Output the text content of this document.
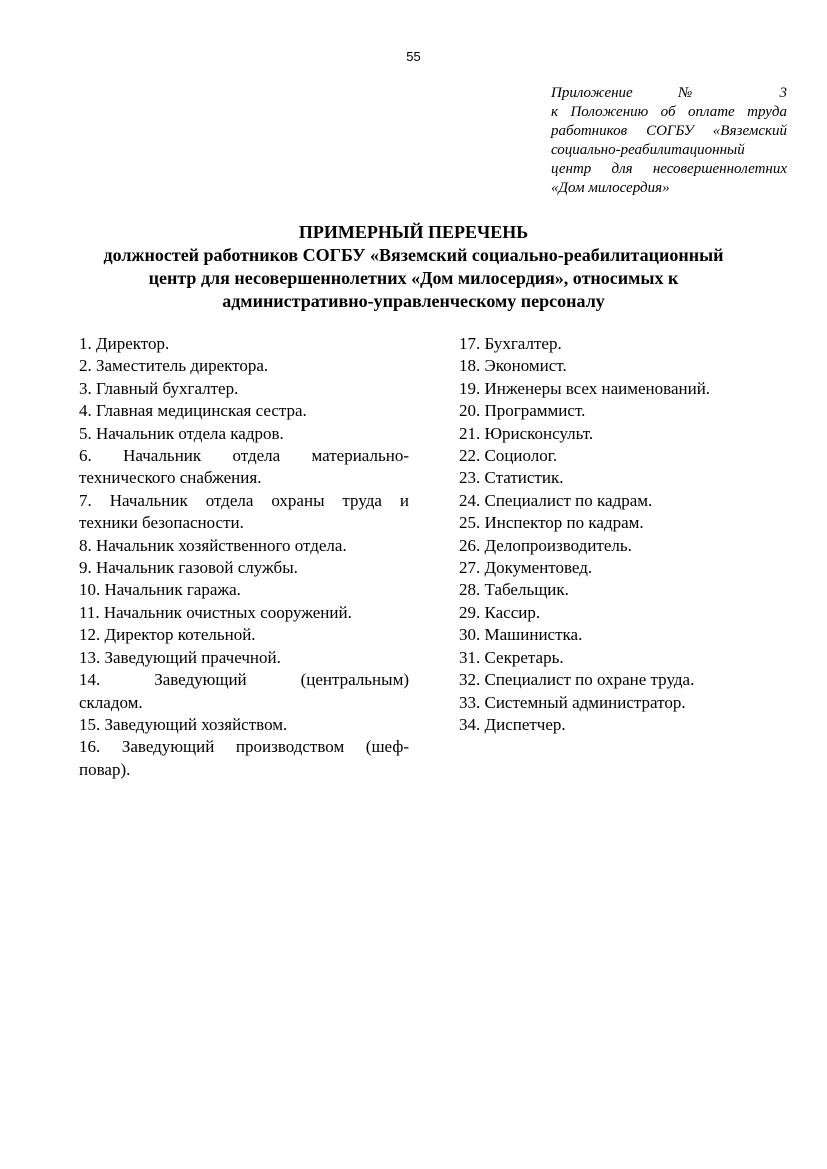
55
Приложение № 3
к Положению об оплате труда
работников СОГБУ «Вяземский
социально-реабилитационный
центр для несовершеннолетних
«Дом милосердия»
ПРИМЕРНЫЙ ПЕРЕЧЕНЬ
должностей работников СОГБУ «Вяземский социально-реабилитационный
центр для несовершеннолетних «Дом милосердия», относимых к
административно-управленческому персоналу
1. Директор.
2. Заместитель директора.
3. Главный бухгалтер.
4. Главная медицинская сестра.
5. Начальник отдела кадров.
6. Начальник отдела материально-
технического снабжения.
7. Начальник отдела охраны труда и
техники безопасности.
8. Начальник хозяйственного отдела.
9. Начальник газовой службы.
10. Начальник гаража.
11. Начальник очистных сооружений.
12. Директор котельной.
13. Заведующий прачечной.
14. Заведующий (центральным)
складом.
15. Заведующий хозяйством.
16. Заведующий производством (шеф-
повар).
17. Бухгалтер.
18. Экономист.
19. Инженеры всех наименований.
20. Программист.
21. Юрисконсульт.
22. Социолог.
23. Статистик.
24. Специалист по кадрам.
25. Инспектор по кадрам.
26. Делопроизводитель.
27. Документовед.
28. Табельщик.
29. Кассир.
30. Машинистка.
31. Секретарь.
32. Специалист по охране труда.
33. Системный администратор.
34. Диспетчер.
